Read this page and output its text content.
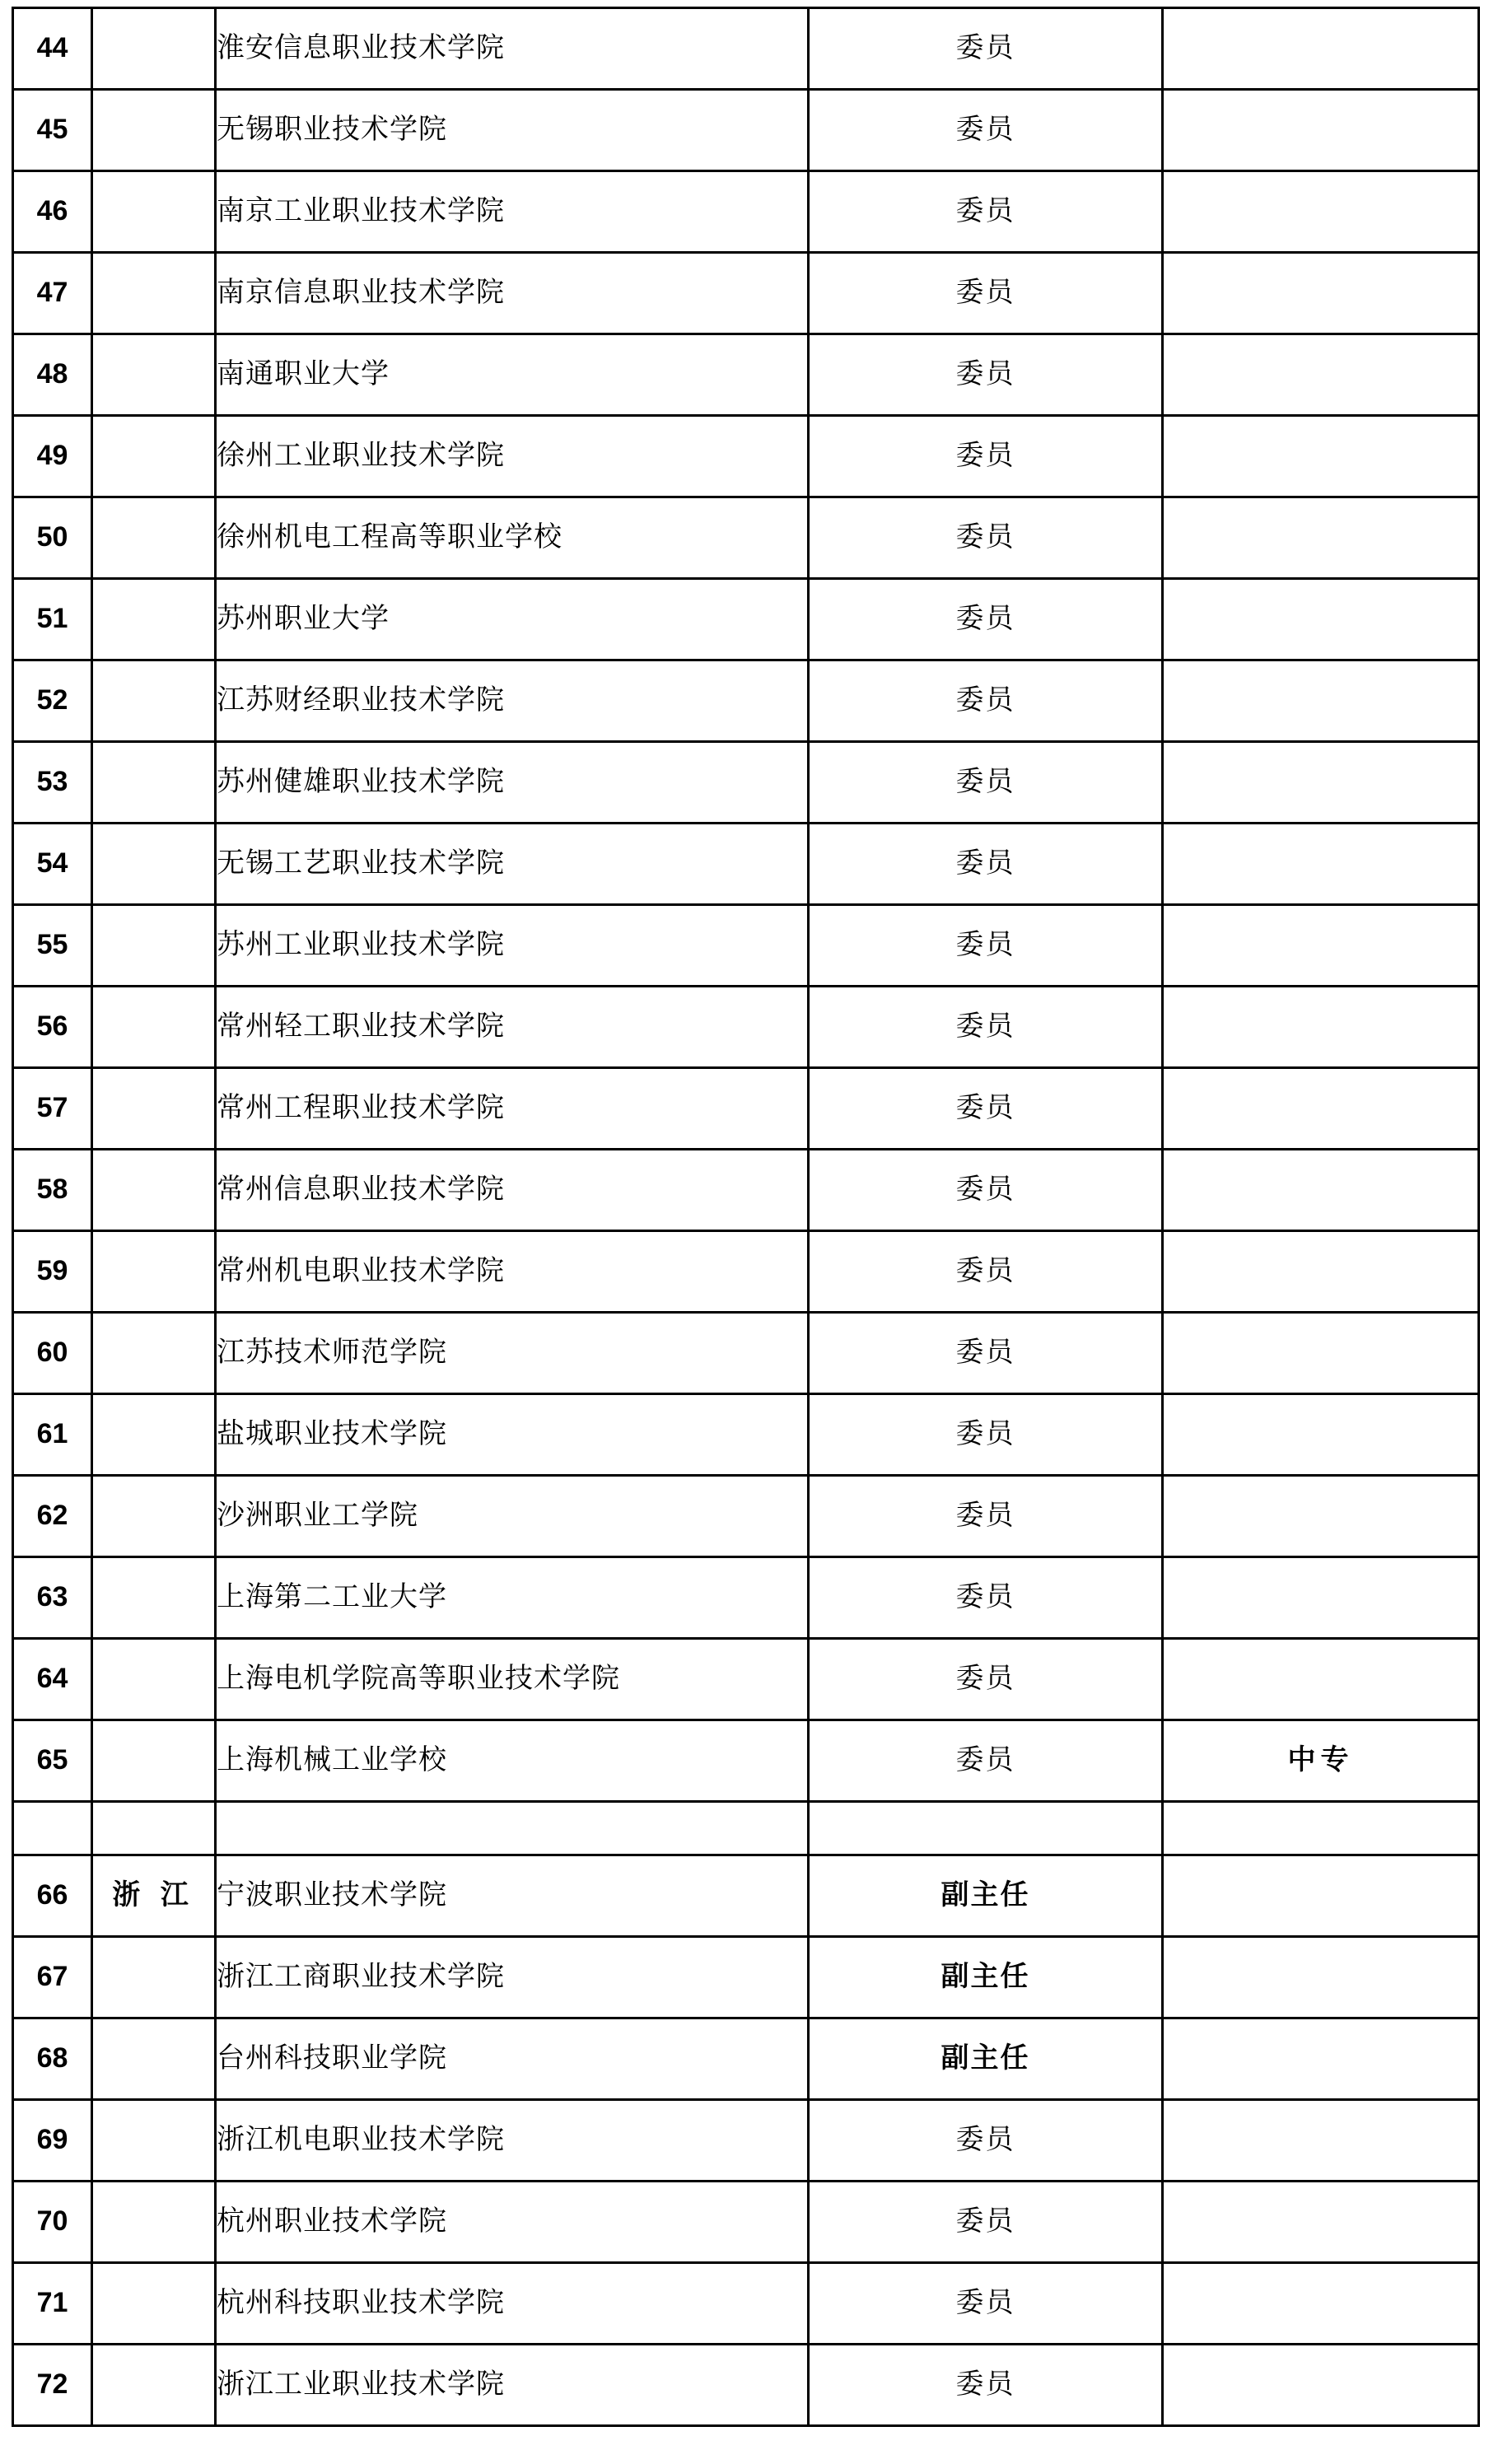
44		淮安信息职业技术学院	委员	
45		无锡职业技术学院	委员	
46		南京工业职业技术学院	委员	
47		南京信息职业技术学院	委员	
48		南通职业大学	委员	
49		徐州工业职业技术学院	委员	
50		徐州机电工程高等职业学校	委员	
51		苏州职业大学	委员	
52		江苏财经职业技术学院	委员	
53		苏州健雄职业技术学院	委员	
54		无锡工艺职业技术学院	委员	
55		苏州工业职业技术学院	委员	
56		常州轻工职业技术学院	委员	
57		常州工程职业技术学院	委员	
58		常州信息职业技术学院	委员	
59		常州机电职业技术学院	委员	
60		江苏技术师范学院	委员	
61		盐城职业技术学院	委员	
62		沙洲职业工学院	委员	
63		上海第二工业大学	委员	
64		上海电机学院高等职业技术学院	委员	
65		上海机械工业学校	委员	中专

66	浙 江	宁波职业技术学院	副主任	
67		浙江工商职业技术学院	副主任	
68		台州科技职业学院	副主任	
69		浙江机电职业技术学院	委员	
70		杭州职业技术学院	委员	
71		杭州科技职业技术学院	委员	
72		浙江工业职业技术学院	委员	
